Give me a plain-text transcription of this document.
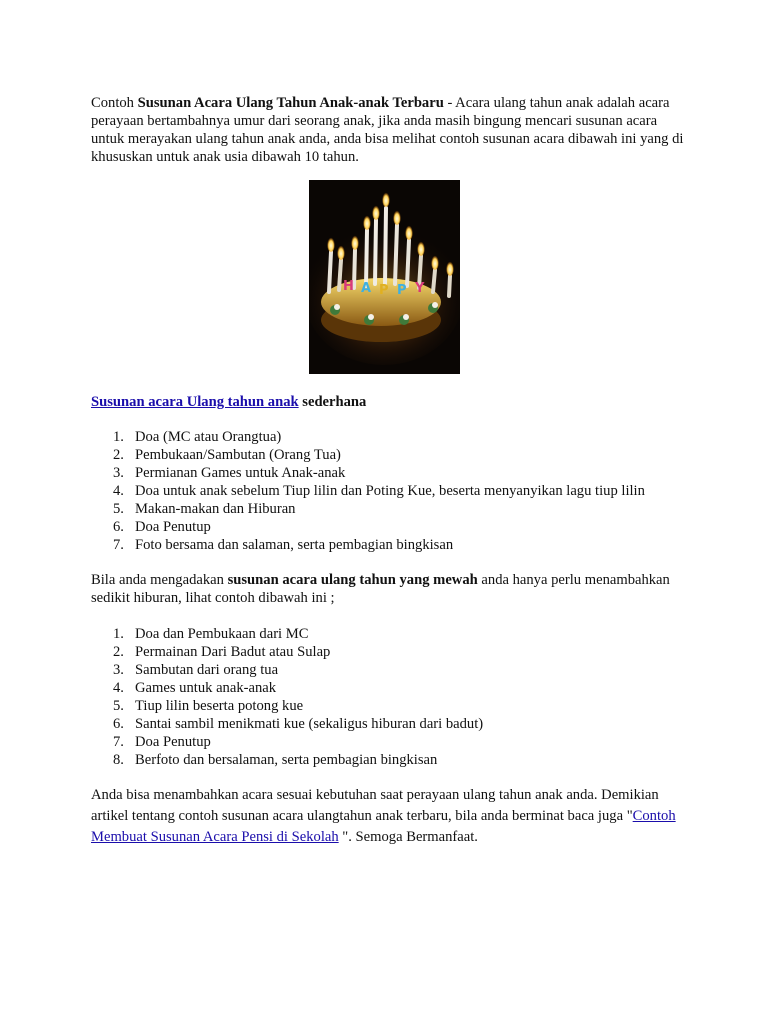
Contoh Susunan Acara Ulang Tahun Anak-anak Terbaru - Acara ulang tahun anak adalah acara perayaan bertambahnya umur dari seorang anak, jika anda masih bingung mencari susunan acara untuk merayakan ulang tahun anak anda, anda bisa melihat contoh susunan acara dibawah ini yang di khususkan untuk anak usia dibawah 10 tahun.

H A P P Y

Susunan acara Ulang tahun anak sederhana

1. Doa (MC atau Orangtua)
2. Pembukaan/Sambutan (Orang Tua)
3. Permianan Games untuk Anak-anak
4. Doa untuk anak sebelum Tiup lilin dan Poting Kue, beserta menyanyikan lagu tiup lilin
5. Makan-makan dan Hiburan
6. Doa Penutup
7. Foto bersama dan salaman, serta pembagian bingkisan

Bila anda mengadakan susunan acara ulang tahun yang mewah anda hanya perlu menambahkan sedikit hiburan, lihat contoh dibawah ini ;

1. Doa dan Pembukaan dari MC
2. Permainan Dari Badut atau Sulap
3. Sambutan dari orang tua
4. Games untuk anak-anak
5. Tiup lilin beserta potong kue
6. Santai sambil menikmati kue (sekaligus hiburan dari badut)
7. Doa Penutup
8. Berfoto dan bersalaman, serta pembagian bingkisan

Anda bisa menambahkan acara sesuai kebutuhan saat perayaan ulang tahun anak anda. Demikian artikel tentang contoh susunan acara ulangtahun anak terbaru, bila anda berminat baca juga "Contoh Membuat Susunan Acara Pensi di Sekolah ". Semoga Bermanfaat.
